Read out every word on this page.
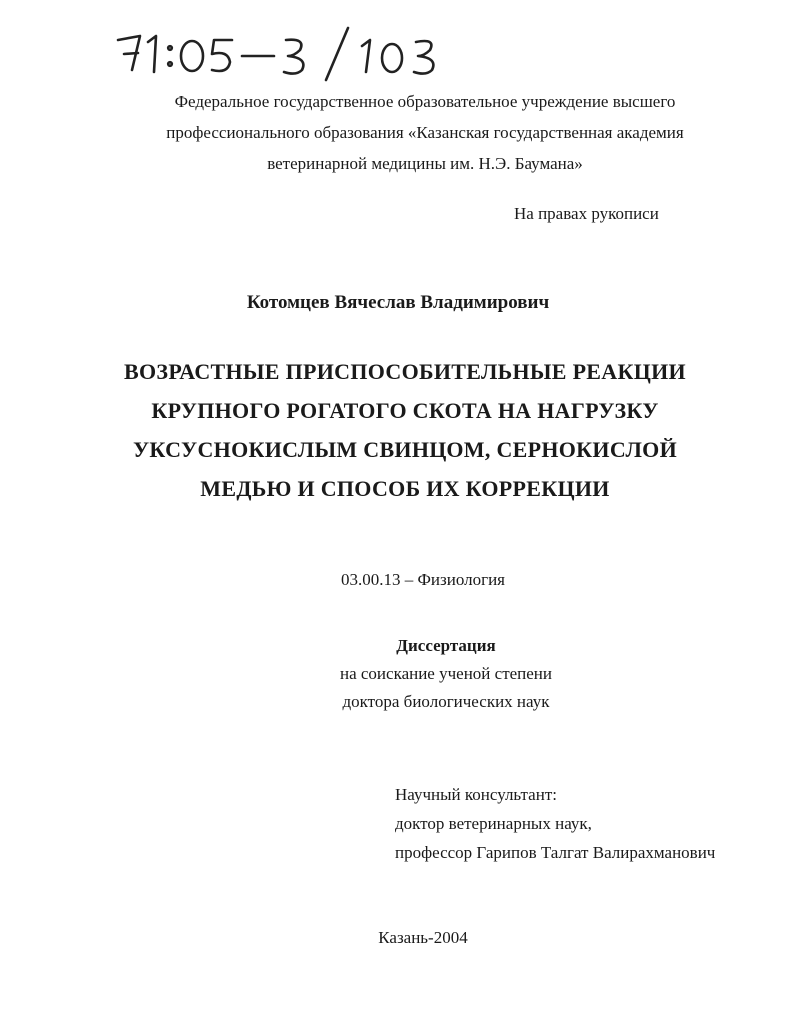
Федеральное государственное образовательное учреждение высшего
профессионального образования «Казанская государственная академия
ветеринарной медицины им. Н.Э. Баумана»
На правах рукописи
Котомцев Вячеслав Владимирович
ВОЗРАСТНЫЕ ПРИСПОСОБИТЕЛЬНЫЕ РЕАКЦИИ
КРУПНОГО РОГАТОГО СКОТА НА НАГРУЗКУ
УКСУСНОКИСЛЫМ СВИНЦОМ, СЕРНОКИСЛОЙ
МЕДЬЮ И СПОСОБ ИХ КОРРЕКЦИИ
03.00.13 – Физиология
Диссертация
на соискание ученой степени
доктора биологических наук
Научный консультант:
доктор ветеринарных наук,
профессор Гарипов Талгат Валирахманович
Казань-2004
